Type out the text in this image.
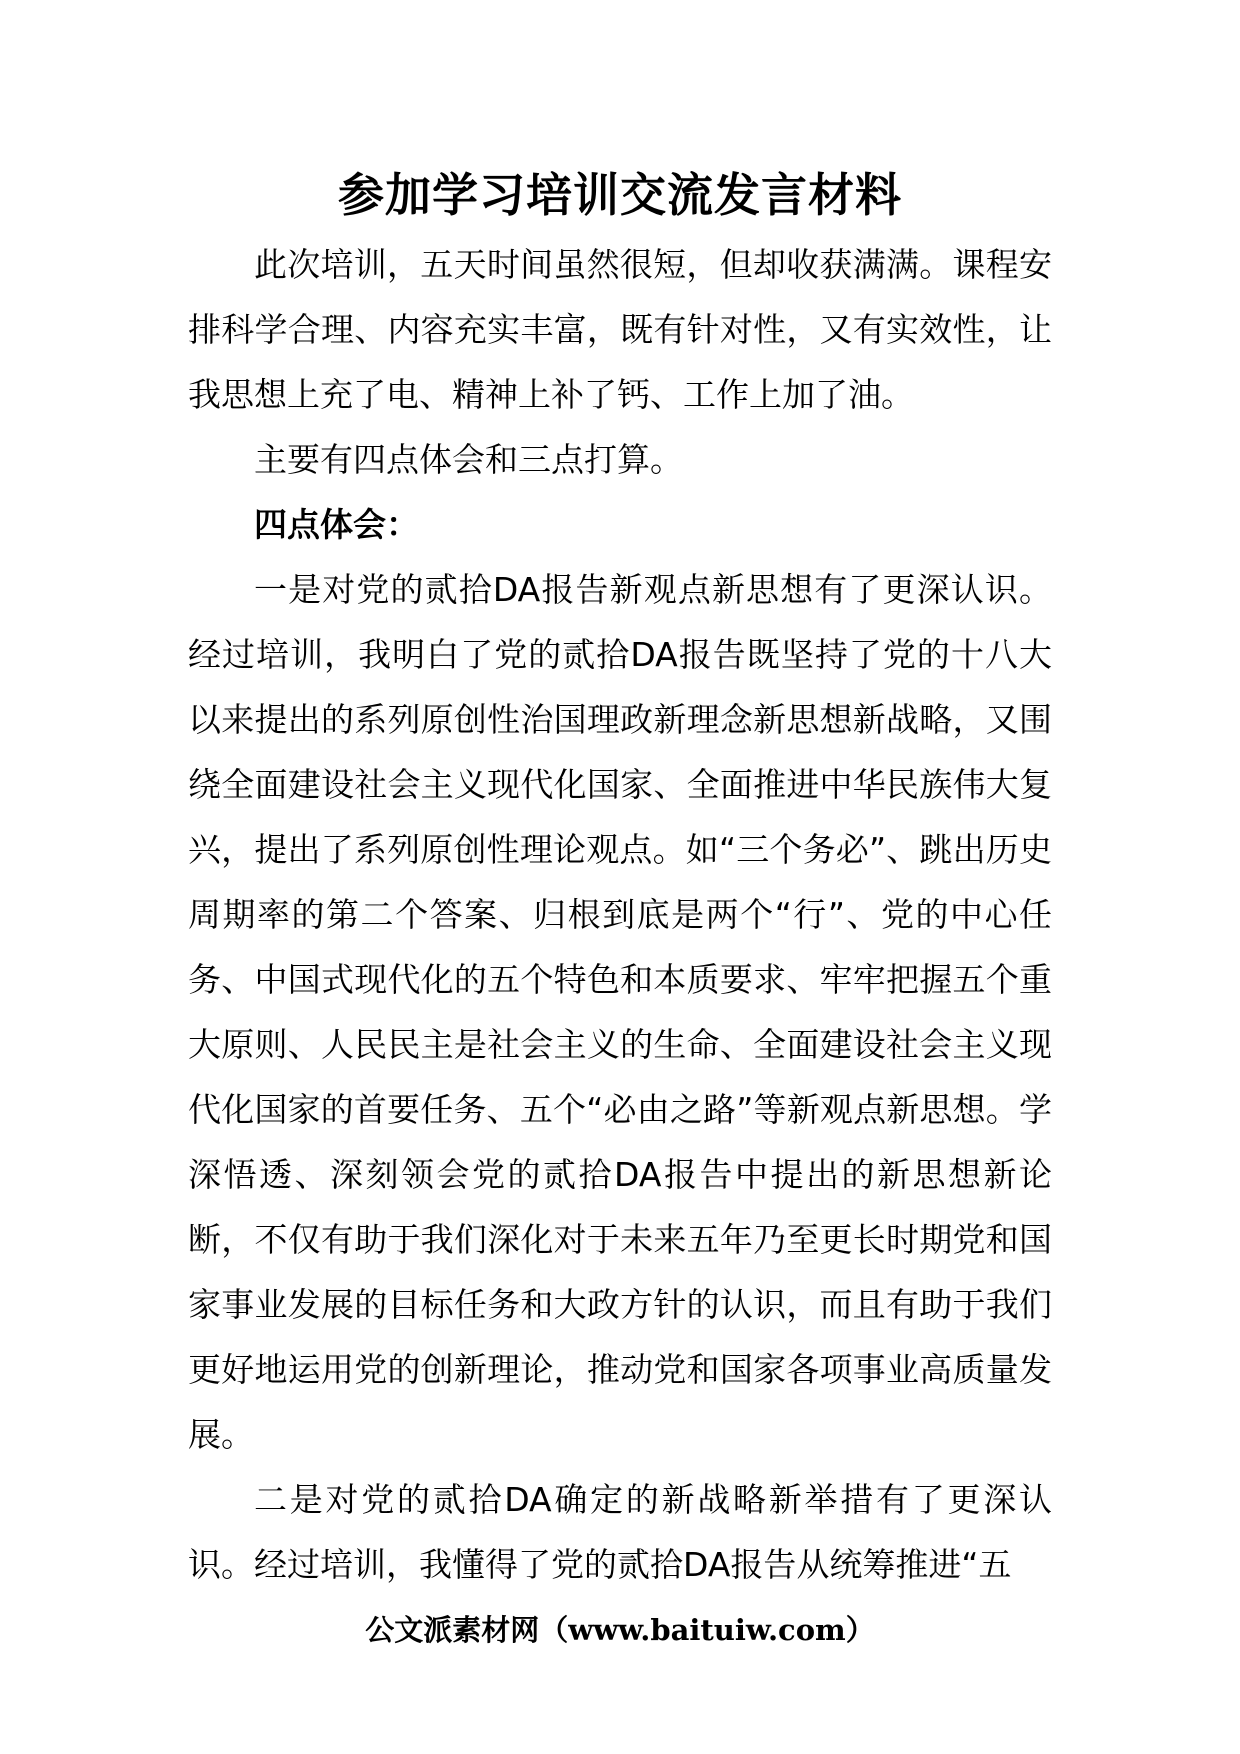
参加学习培训交流发言材料

此次培训，五天时间虽然很短，但却收获满满。课程安排科学合理、内容充实丰富，既有针对性，又有实效性，让我思想上充了电、精神上补了钙、工作上加了油。

主要有四点体会和三点打算。

四点体会：

一是对党的贰拾DA报告新观点新思想有了更深认识。经过培训，我明白了党的贰拾DA报告既坚持了党的十八大以来提出的系列原创性治国理政新理念新思想新战略，又围绕全面建设社会主义现代化国家、全面推进中华民族伟大复兴，提出了系列原创性理论观点。如“三个务必”、跳出历史周期率的第二个答案、归根到底是两个“行”、党的中心任务、中国式现代化的五个特色和本质要求、牢牢把握五个重大原则、人民民主是社会主义的生命、全面建设社会主义现代化国家的首要任务、五个“必由之路”等新观点新思想。学深悟透、深刻领会党的贰拾DA报告中提出的新思想新论断，不仅有助于我们深化对于未来五年乃至更长时期党和国家事业发展的目标任务和大政方针的认识，而且有助于我们更好地运用党的创新理论，推动党和国家各项事业高质量发展。

二是对党的贰拾DA确定的新战略新举措有了更深认识。经过培训，我懂得了党的贰拾DA报告从统筹推进“五

公文派素材网（www.baituiw.com）
